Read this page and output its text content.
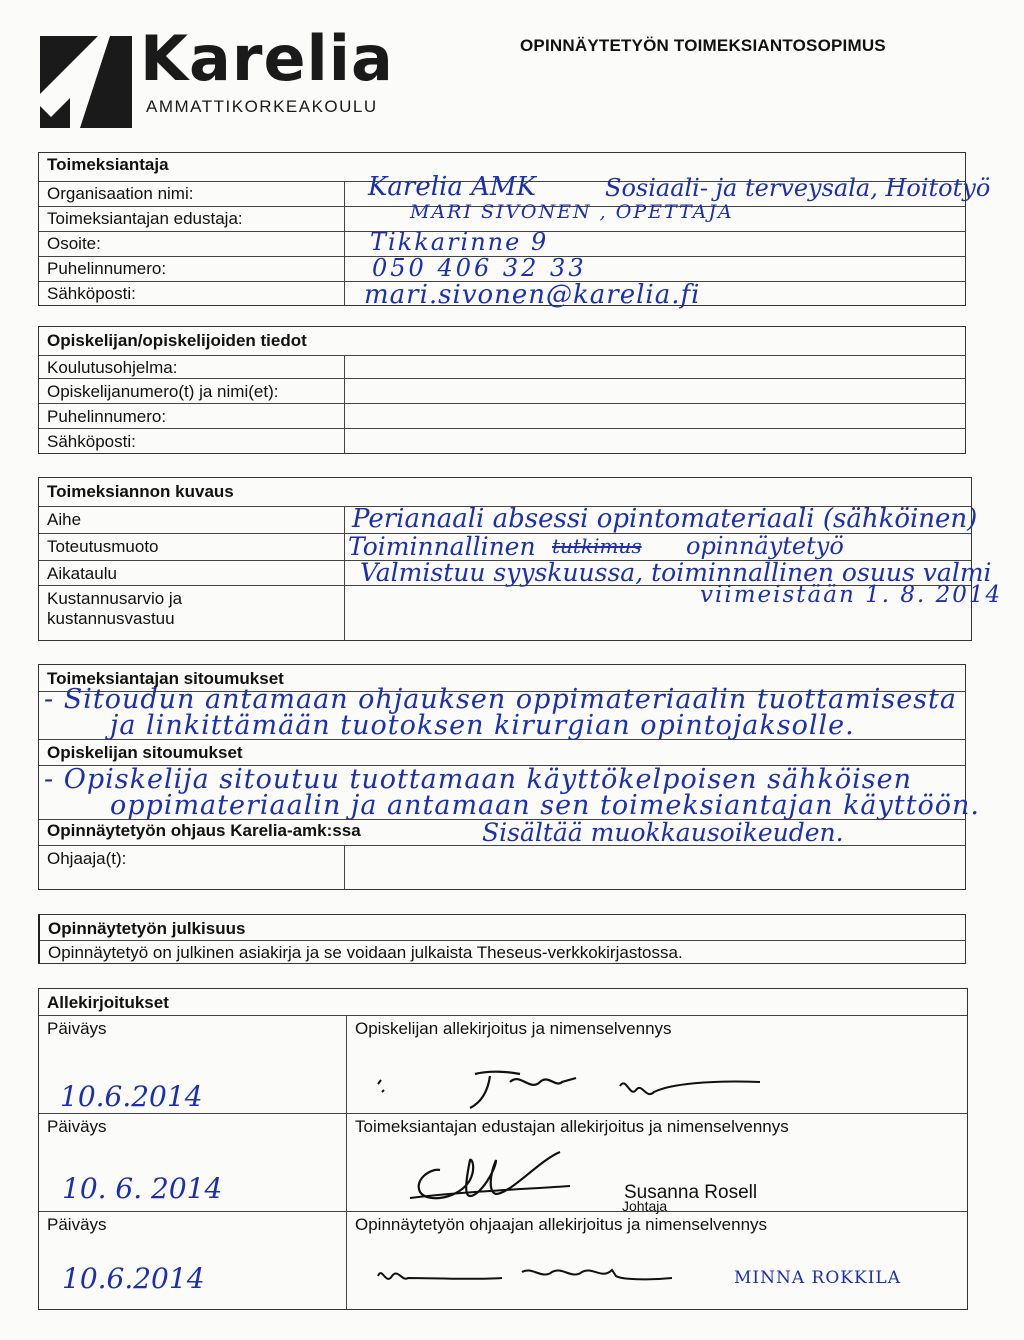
Karelia
AMMATTIKORKEAKOULU
OPINNÄYTETYÖN TOIMEKSIANTOSOPIMUS
Toimeksiantaja
Organisaation nimi:
Toimeksiantajan edustaja:
Osoite:
Puhelinnumero:
Sähköposti:
Karelia AMK	Sosiaali- ja terveysala, Hoitotyö
MARI SIVONEN , OPETTAJA
Tikkarinne 9
050 406 32 33
mari.sivonen@karelia.fi
Opiskelijan/opiskelijoiden tiedot
Koulutusohjelma:
Opiskelijanumero(t) ja nimi(et):
Puhelinnumero:
Sähköposti:
Toimeksiannon kuvaus
Aihe
Toteutusmuoto
Aikataulu
Kustannusarvio ja kustannusvastuu
Perianaali absessi opintomateriaali (sähköinen)
Toiminnallinen tutkimus opinnäytetyö
Valmistuu syyskuussa, toiminnallinen osuus valmi
viimeistään 1. 8. 2014
Toimeksiantajan sitoumukset
Opiskelijan sitoumukset
Opinnäytetyön ohjaus Karelia-amk:ssa
Ohjaaja(t):
- Sitoudun antamaan ohjauksen oppimateriaalin tuottamisesta
ja linkittämään tuotoksen kirurgian opintojaksolle.
- Opiskelija sitoutuu tuottamaan käyttökelpoisen sähköisen
oppimateriaalin ja antamaan sen toimeksiantajan käyttöön.
Sisältää muokkausoikeuden.
Opinnäytetyön julkisuus
Opinnäytetyö on julkinen asiakirja ja se voidaan julkaista Theseus-verkkokirjastossa.
Allekirjoitukset
Päiväys
Päiväys
Päiväys
Opiskelijan allekirjoitus ja nimenselvennys
Toimeksiantajan edustajan allekirjoitus ja nimenselvennys
Opinnäytetyön ohjaajan allekirjoitus ja nimenselvennys
10.6.2014
10. 6. 2014
10.6.2014
Susanna Rosell
Johtaja
MINNA ROKKILA
